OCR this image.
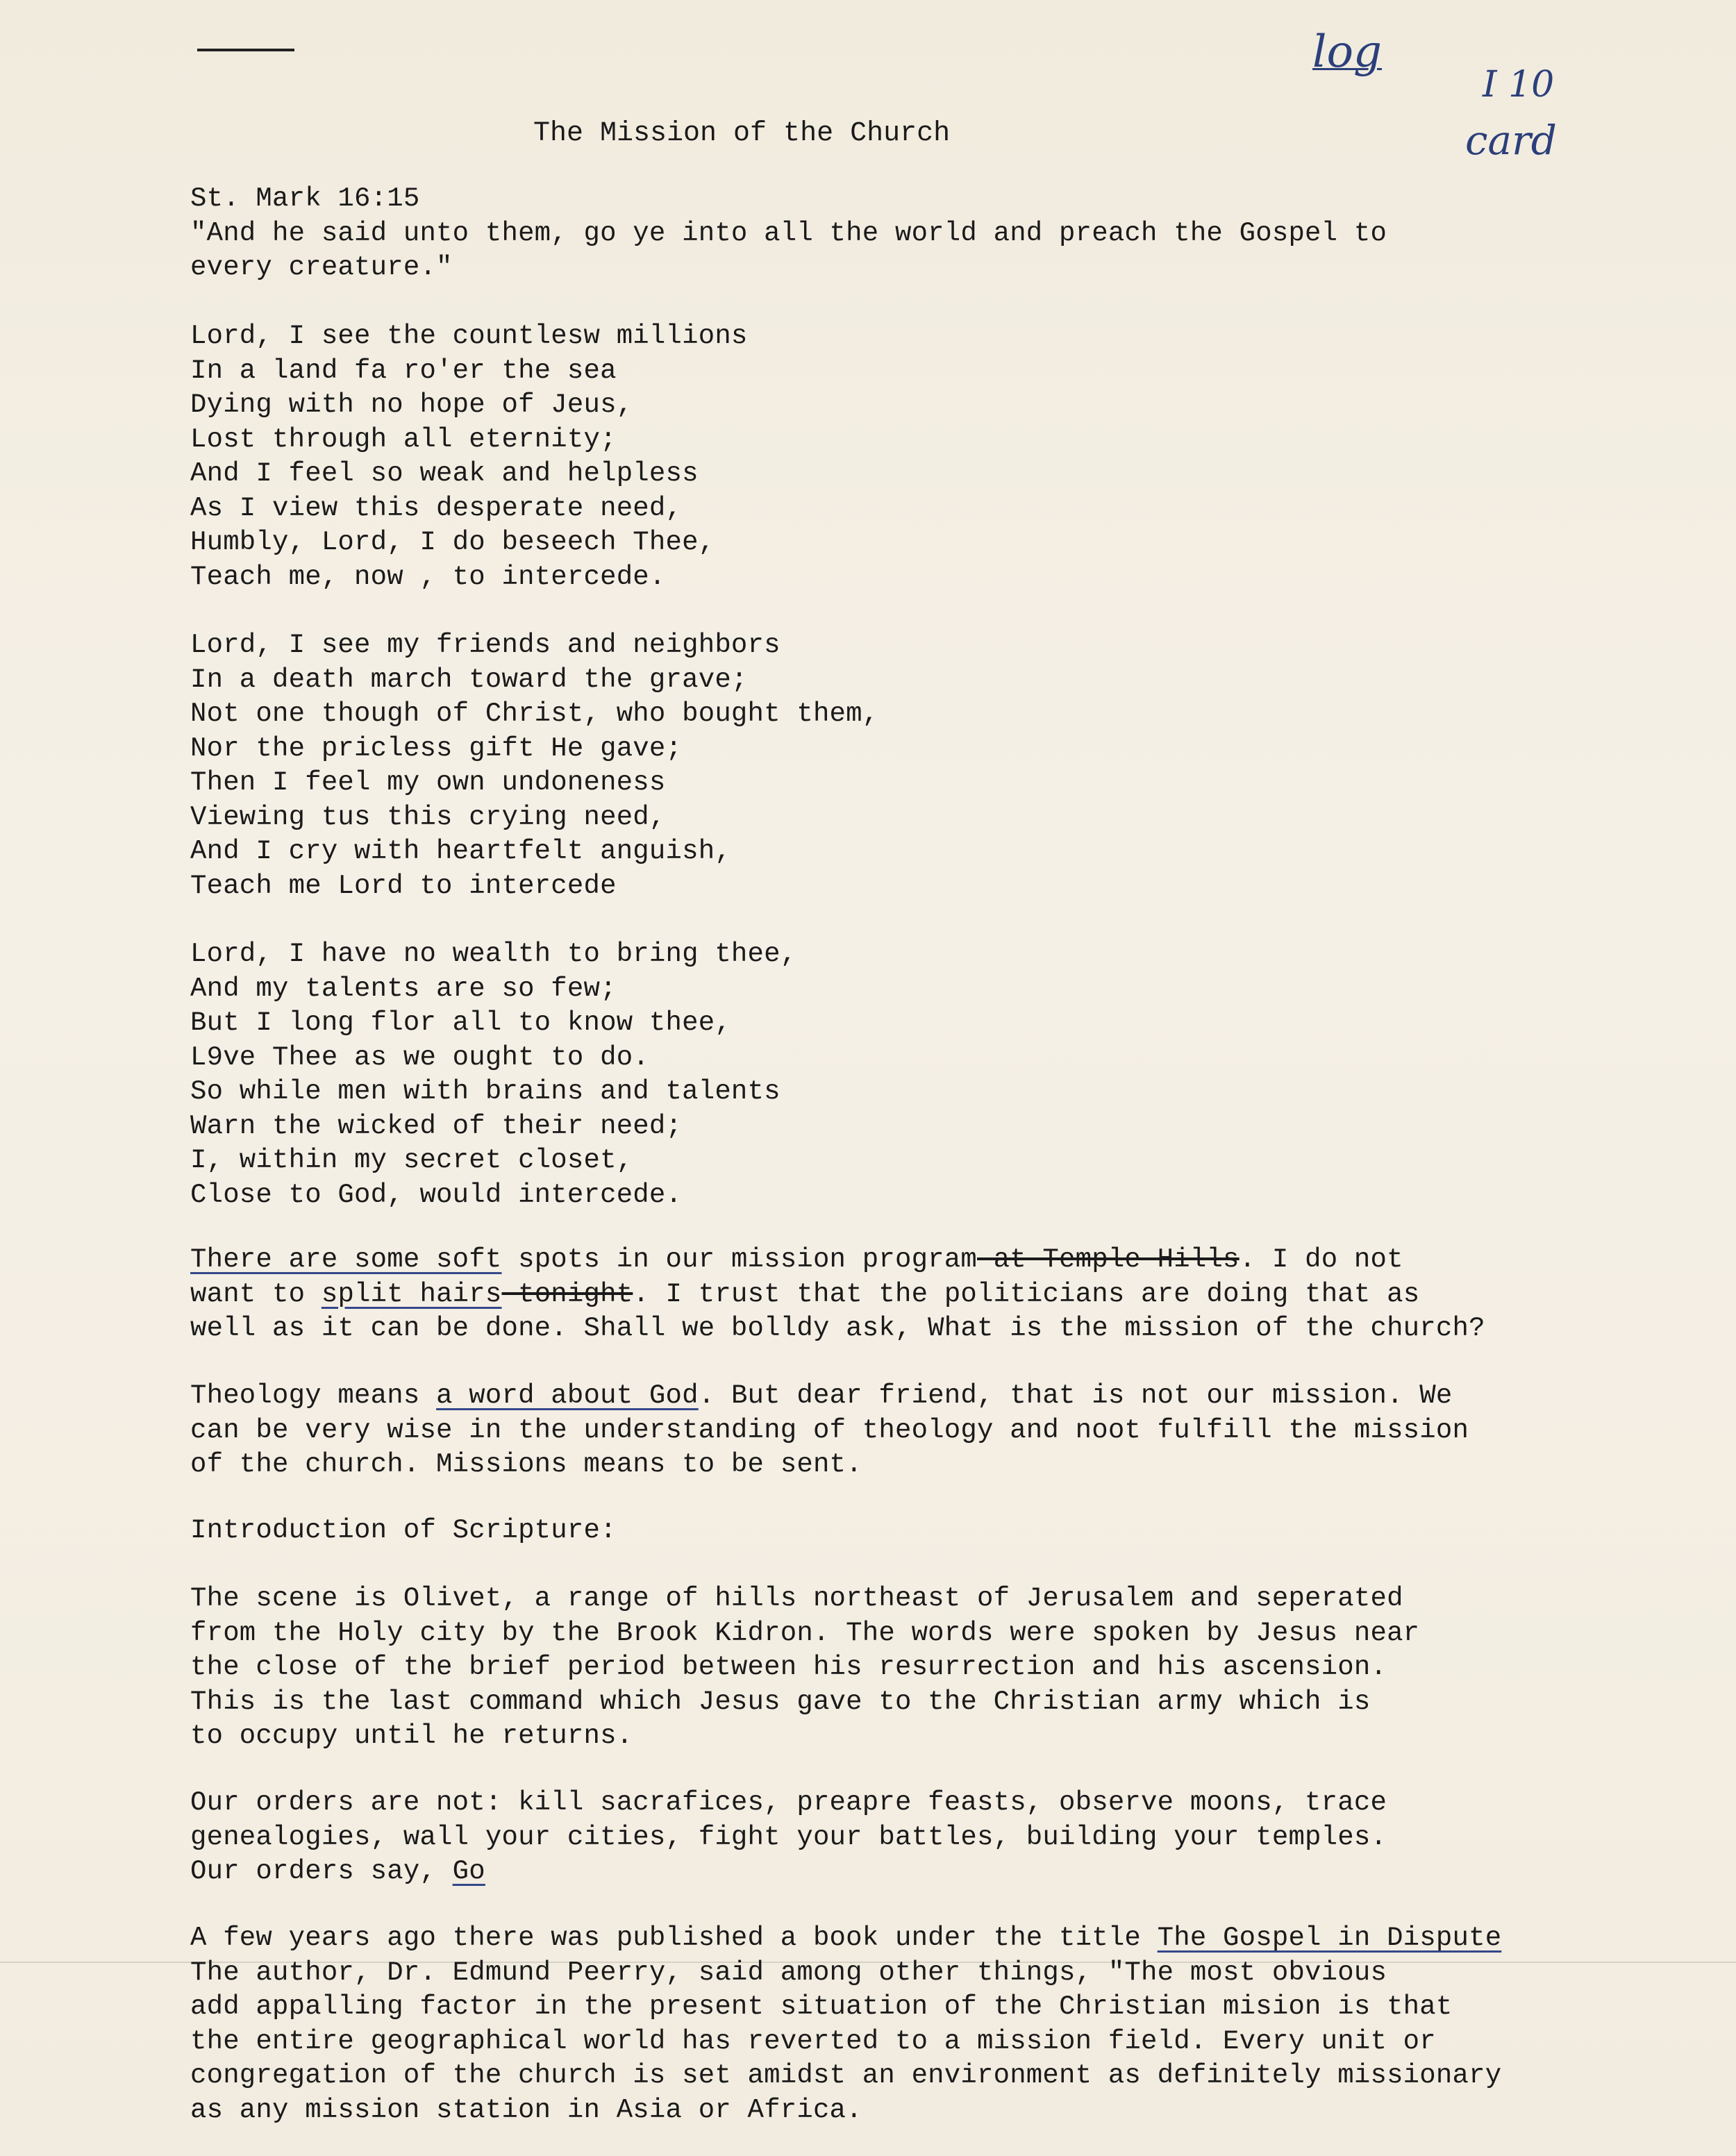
log
I 10
card
The Mission of the Church
St. Mark 16:15
"And he said unto them, go ye into all the world and preach the Gospel to
every creature."
Lord, I see the countlesw millions
In a land fa ro'er the sea
Dying with no hope of Jeus,
Lost through all eternity;
And I feel so weak and helpless
As I view this desperate need,
Humbly, Lord, I do beseech Thee,
Teach me, now , to intercede.
Lord, I see my friends and neighbors
In a death march toward the grave;
Not one though of Christ, who bought them,
Nor the pricless gift He gave;
Then I feel my own undoneness
Viewing tus this crying need,
And I cry with heartfelt anguish,
Teach me Lord to intercede
Lord, I have no wealth to bring thee,
And my talents are so few;
But I long flor all to know thee,
L9ve Thee as we ought to do.
So while men with brains and talents
Warn the wicked of their need;
I, within my secret closet,
Close to God, would intercede.
There are some soft spots in our mission program at Temple Hills. I do not
want to split hairs tonight. I trust that the politicians are doing that as
well as it can be done. Shall we bolldy ask, What is the mission of the church?
Theology means a word about God. But dear friend, that is not our mission. We
can be very wise in the understanding of theology and noot fulfill the mission
of the church. Missions means to be sent.
Introduction of Scripture:
The scene is Olivet, a range of hills northeast of Jerusalem and seperated
from the Holy city by the Brook Kidron. The words were spoken by Jesus near
the close of the brief period between his resurrection and his ascension.
This is the last command which Jesus gave to the Christian army which is
to occupy until he returns.
Our orders are not: kill sacrafices, preapre feasts, observe moons, trace
genealogies, wall your cities, fight your battles, building your temples.
Our orders say, Go
A few years ago there was published a book under the title The Gospel in Dispute
The author, Dr. Edmund Peerry, said among other things, "The most obvious
add appalling factor in the present situation of the Christian mision is that
the entire geographical world has reverted to a mission field. Every unit or
congregation of the church is set amidst an environment as definitely missionary
as any mission station in Asia or Africa.
